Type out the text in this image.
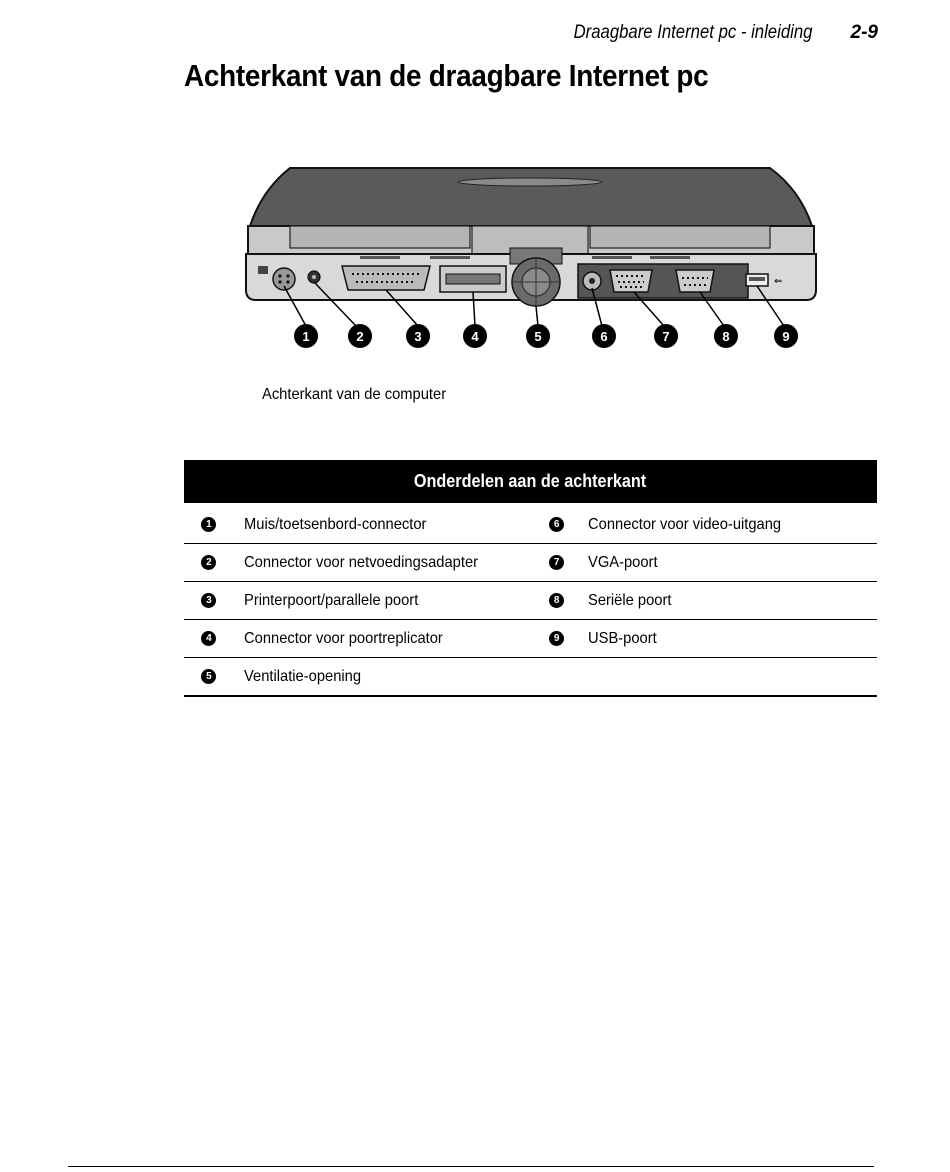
Draagbare Internet pc - inleiding 2-9
Achterkant van de draagbare Internet pc
⇐
1	2	3	4	5	6	7	8	9
Achterkant van de computer
Onderdelen aan de achterkant			
1	Muis/toetsenbord-connector	6	Connector voor video-uitgang
2	Connector voor netvoedingsadapter	7	VGA-poort
3	Printerpoort/parallele poort	8	Seriële poort
4	Connector voor poortreplicator	9	USB-poort
5	Ventilatie-opening		
